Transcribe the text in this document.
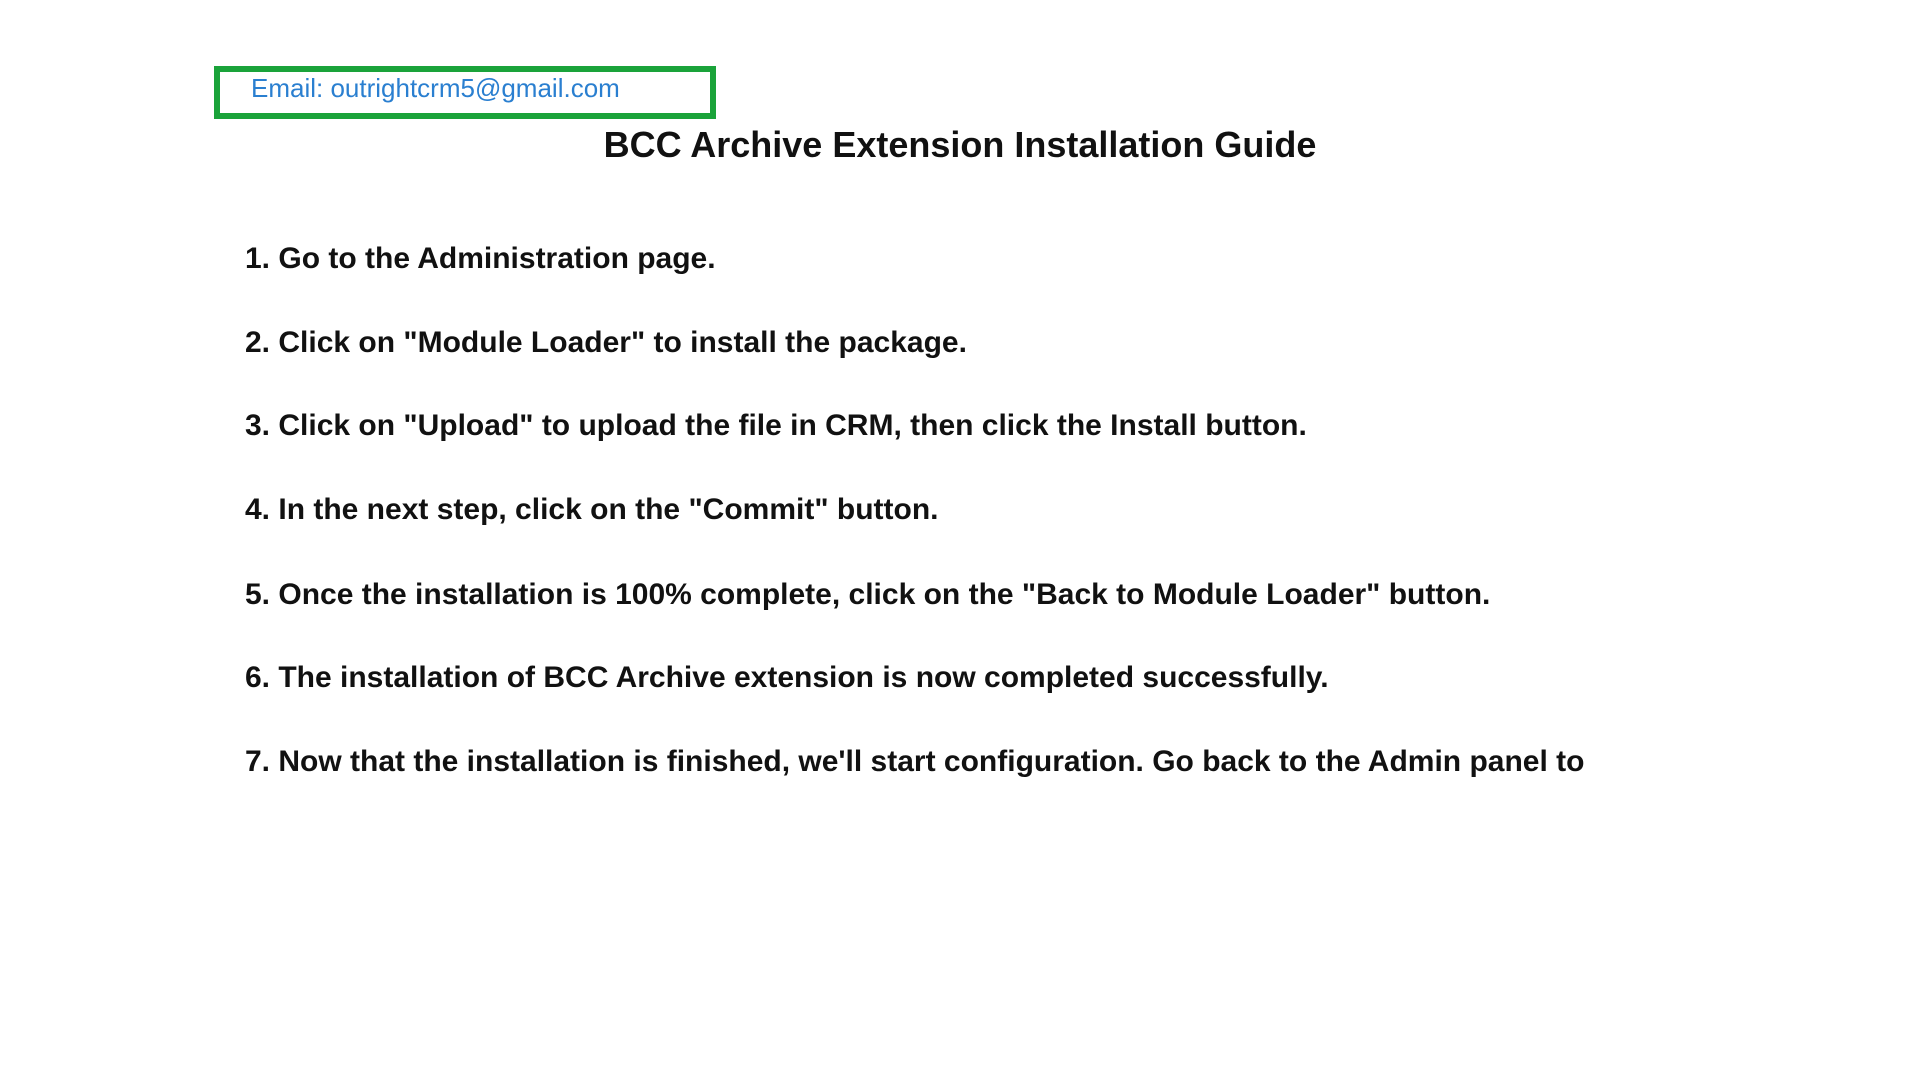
Email: outrightcrm5@gmail.com
BCC Archive Extension Installation Guide
1. Go to the Administration page.
2. Click on "Module Loader" to install the package.
3. Click on "Upload" to upload the file in CRM, then click the Install button.
4. In the next step, click on the "Commit" button.
5. Once the installation is 100% complete, click on the "Back to Module Loader" button.
6. The installation of BCC Archive extension is now completed successfully.
7. Now that the installation is finished, we'll start configuration. Go back to the Admin panel to
